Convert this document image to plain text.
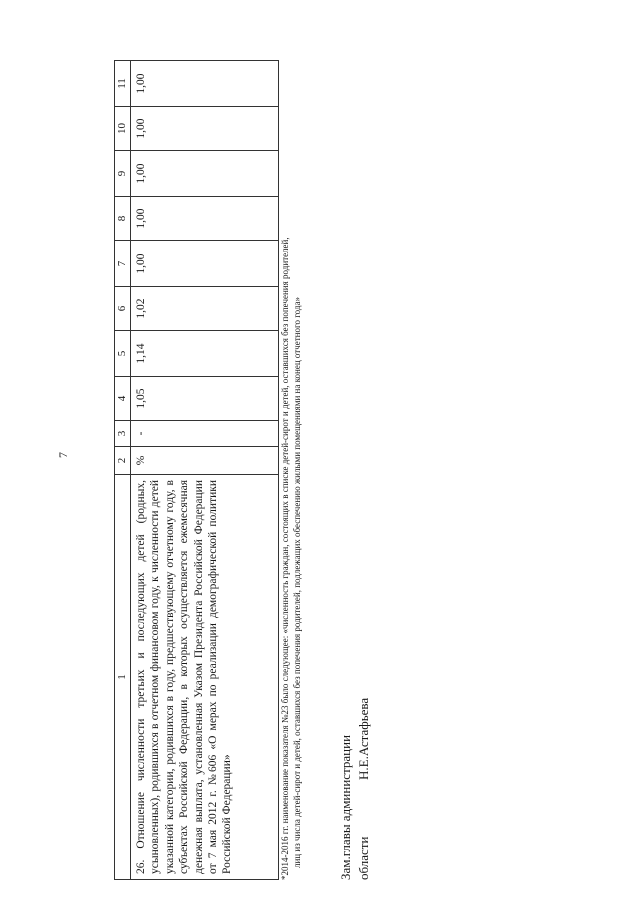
7
1	2	3	4	5	6	7	8	9	10	11
26. Отношение численности третьих и последующих детей (родных, усыновленных), родившихся в отчетном финансовом году, к численности детей указанной категории, родившихся в году, предшествующему отчетному году, в субъектах Российской Федерации, в которых осуществляется ежемесячная денежная выплата, установленная Указом Президента Российской Федерации от 7 мая 2012 г. №606 «О мерах по реализации демографической политики Российской Федерации»	%	-	1,05	1,14	1,02	1,00	1,00	1,00	1,00	1,00
*2014-2016 гг. наименование показателя №23 было следующее: «численность граждан, состоящих в списке детей-сирот и детей, оставшихся без попечения родителей, лиц из числа детей-сирот и детей, оставшихся без попечения родителей, подлежащих обеспечению жилыми помещениями на конец отчетного года»	Зам.главы администрации области
Н.Е.Астафьева
